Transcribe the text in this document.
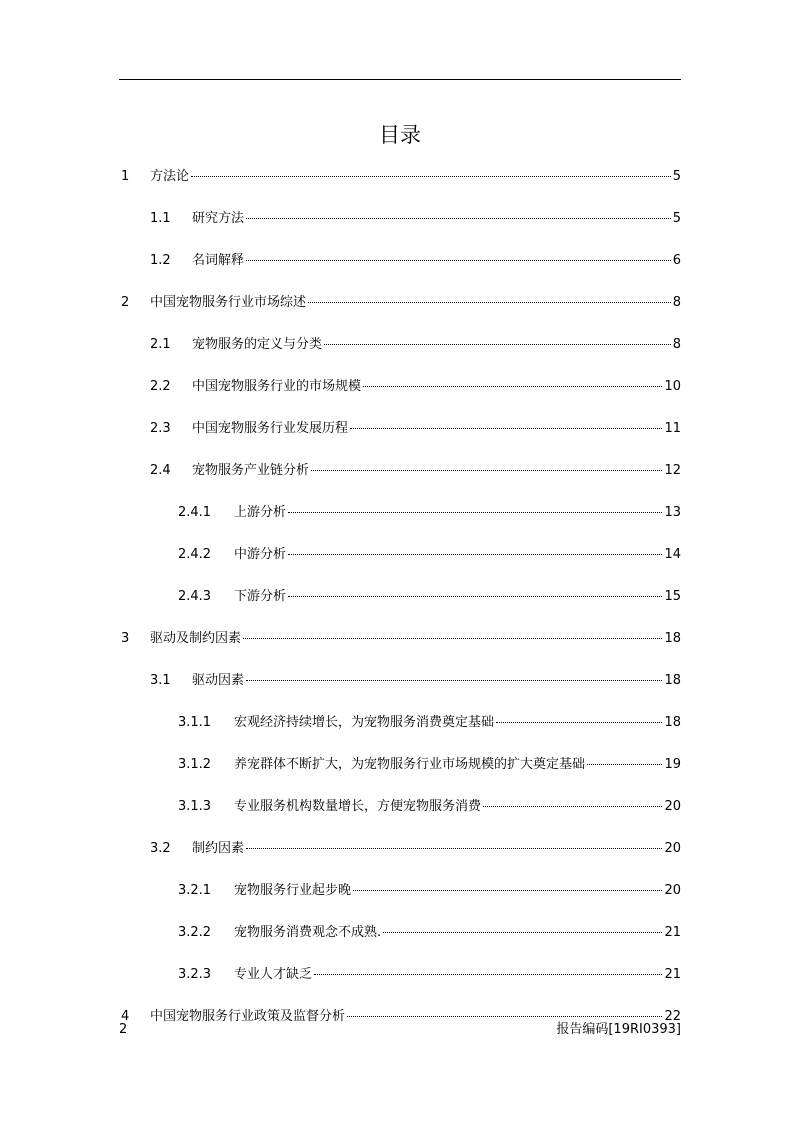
目录
1 方法论	5
1.1 研究方法	5
1.2 名词解释	6
2 中国宠物服务行业市场综述	8
2.1 宠物服务的定义与分类	8
2.2 中国宠物服务行业的市场规模	10
2.3 中国宠物服务行业发展历程	11
2.4 宠物服务产业链分析	12
2.4.1 上游分析	13
2.4.2 中游分析	14
2.4.3 下游分析	15
3 驱动及制约因素	18
3.1 驱动因素	18
3.1.1 宏观经济持续增长，为宠物服务消费奠定基础	18
3.1.2 养宠群体不断扩大，为宠物服务行业市场规模的扩大奠定基础	19
3.1.3 专业服务机构数量增长，方便宠物服务消费	20
3.2 制约因素	20
3.2.1 宠物服务行业起步晚	20
3.2.2 宠物服务消费观念不成熟.	21
3.2.3 专业人才缺乏	21
4 中国宠物服务行业政策及监督分析	22
2	报告编码[19RI0393]
